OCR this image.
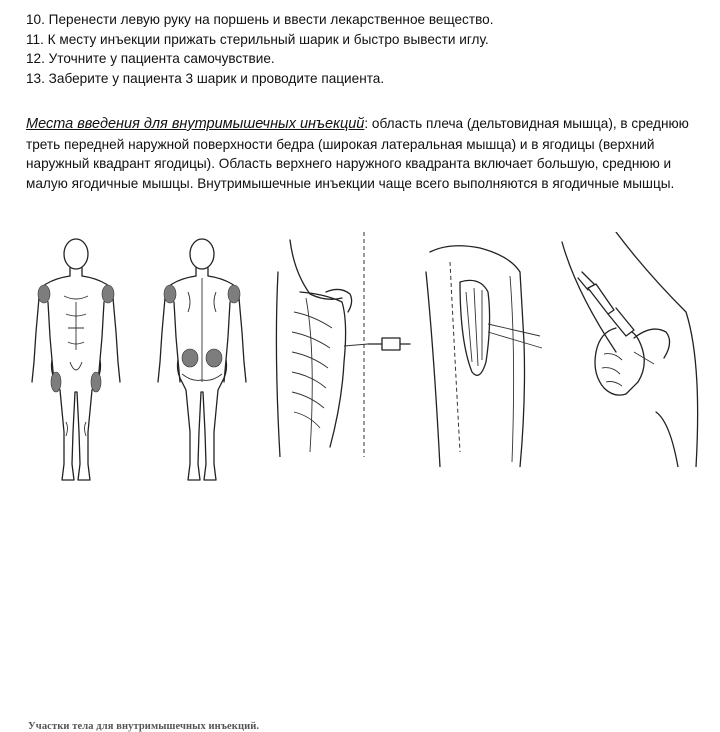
10. Перенести левую руку на поршень и ввести лекарственное вещество.
11. К месту инъекции прижать стерильный шарик и быстро вывести иглу.
12. Уточните у пациента самочувствие.
13. Заберите у пациента 3 шарик и проводите пациента.
Места введения для внутримышечных инъекций: область плеча (дельтовидная мышца), в среднюю треть передней наружной поверхности бедра (широкая латеральная мышца) и в ягодицы (верхний наружный квадрант ягодицы). Область верхнего наружного квадранта включает большую, среднюю и малую ягодичные мышцы. Внутримышечные инъекции чаще всего выполняются в ягодичные мышцы.
Участки тела для внутримышечных инъекций.
